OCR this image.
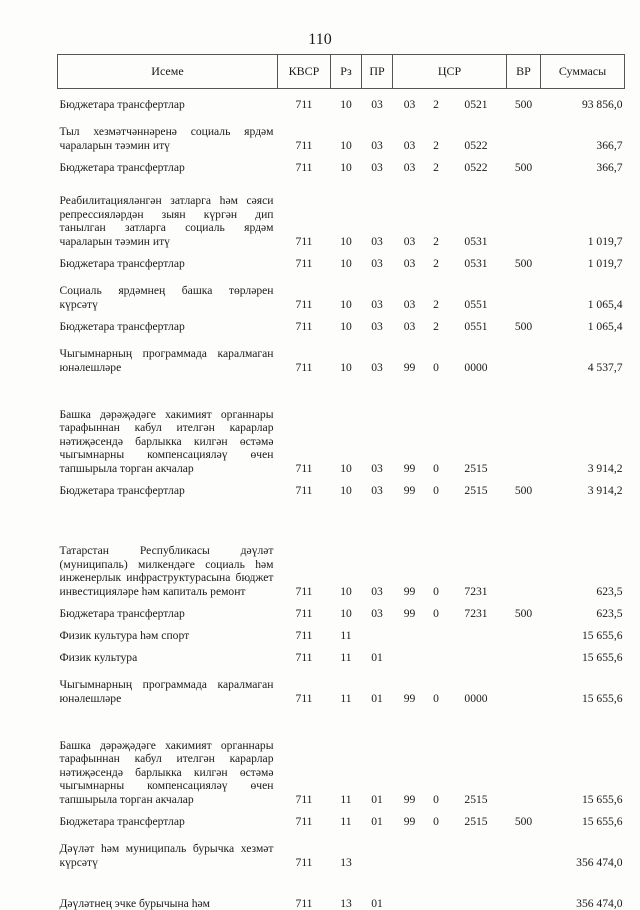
110
Исеме	КВСР	Рз	ПР	ЦСР			ВР	Суммасы
Бюджетара трансфертлар	711	10	03	03	2	0521	500	93 856,0
Тыл хезмәтчәннәренә социаль ярдәм чараларын тәэмин итү	711	10	03	03	2	0522		366,7
Бюджетара трансфертлар	711	10	03	03	2	0522	500	366,7
Реабилитацияләнгән затларга һәм сәяси репрессияләрдән зыян күргән дип танылган затларга социаль ярдәм чараларын тәэмин итү	711	10	03	03	2	0531		1 019,7
Бюджетара трансфертлар	711	10	03	03	2	0531	500	1 019,7
Социаль ярдәмнең башка төрләрен күрсәтү	711	10	03	03	2	0551		1 065,4
Бюджетара трансфертлар	711	10	03	03	2	0551	500	1 065,4
Чыгымнарның программада каралмаган юнәлешләре	711	10	03	99	0	0000		4 537,7
Башка дәрәҗәдәге хакимият органнары тарафыннан кабул ителгән карарлар нәтиҗәсендә барлыкка килгән өстәмә чыгымнарны компенсацияләү өчен тапшырыла торган акчалар	711	10	03	99	0	2515		3 914,2
Бюджетара трансфертлар	711	10	03	99	0	2515	500	3 914,2
Татарстан Республикасы дәүләт (муниципаль) милкендәге социаль һәм инженерлык инфраструктурасына бюджет инвестицияләре һәм капиталь ремонт	711	10	03	99	0	7231		623,5
Бюджетара трансфертлар	711	10	03	99	0	7231	500	623,5
Физик культура һәм спорт	711	11						15 655,6
Физик культура	711	11	01					15 655,6
Чыгымнарның программада каралмаган юнәлешләре	711	11	01	99	0	0000		15 655,6
Башка дәрәҗәдәге хакимият органнары тарафыннан кабул ителгән карарлар нәтиҗәсендә барлыкка килгән өстәмә чыгымнарны компенсацияләү өчен тапшырыла торган акчалар	711	11	01	99	0	2515		15 655,6
Бюджетара трансфертлар	711	11	01	99	0	2515	500	15 655,6
Дәүләт һәм муниципаль бурычка хезмәт күрсәтү	711	13						356 474,0
Дәүләтнең эчке бурычына һәм	711	13	01					356 474,0
